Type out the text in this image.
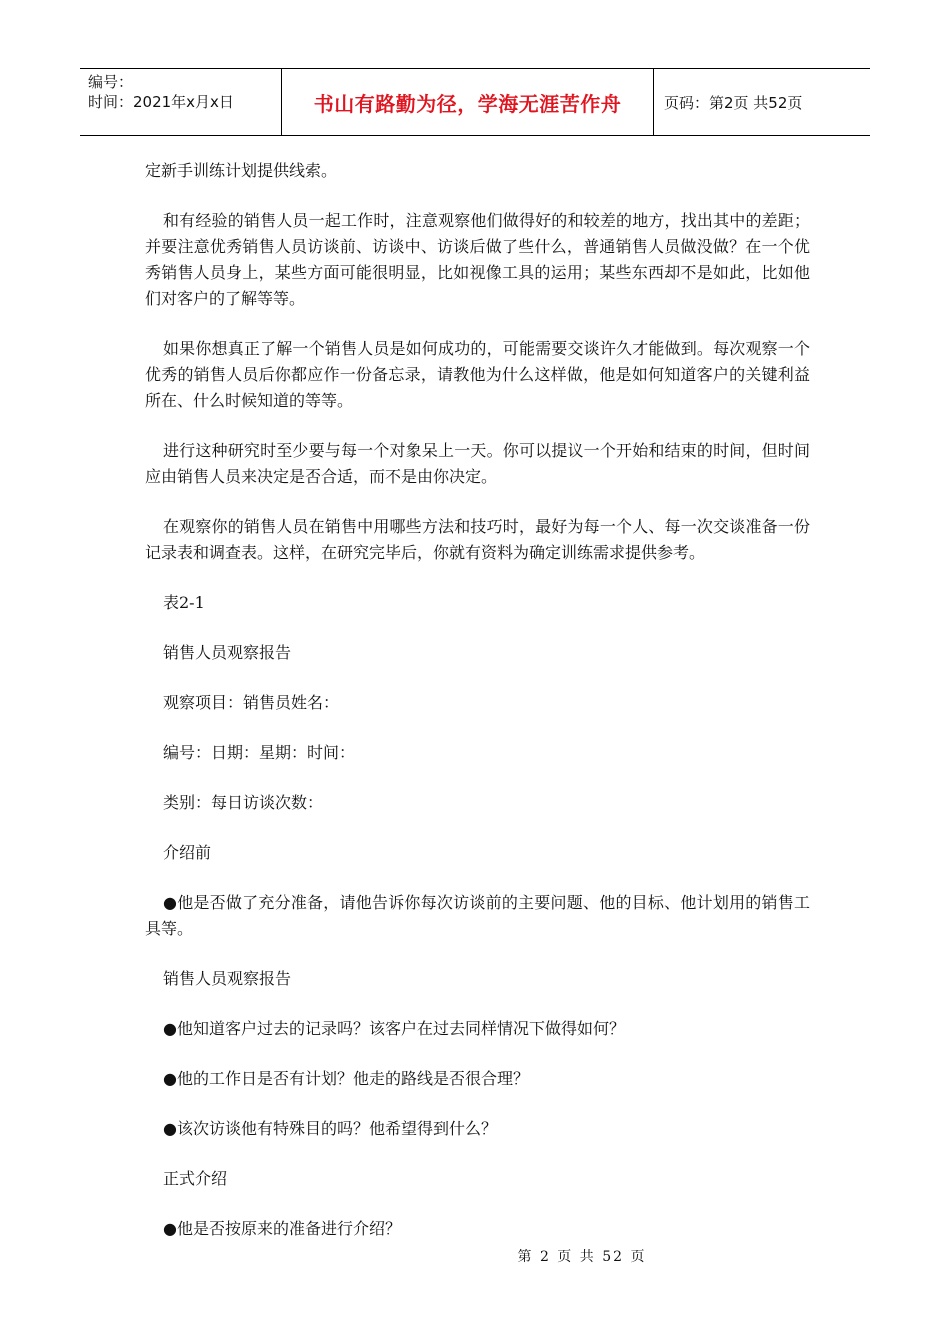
编号：
时间：2021年x月x日	书山有路勤为径，学海无涯苦作舟	页码：第2页 共52页

定新手训练计划提供线索。

和有经验的销售人员一起工作时，注意观察他们做得好的和较差的地方，找出其中的差距；并要注意优秀销售人员访谈前、访谈中、访谈后做了些什么，普通销售人员做没做？在一个优秀销售人员身上，某些方面可能很明显，比如视像工具的运用；某些东西却不是如此，比如他们对客户的了解等等。

如果你想真正了解一个销售人员是如何成功的，可能需要交谈许久才能做到。每次观察一个优秀的销售人员后你都应作一份备忘录，请教他为什么这样做，他是如何知道客户的关键利益所在、什么时候知道的等等。

进行这种研究时至少要与每一个对象呆上一天。你可以提议一个开始和结束的时间，但时间应由销售人员来决定是否合适，而不是由你决定。

在观察你的销售人员在销售中用哪些方法和技巧时，最好为每一个人、每一次交谈准备一份记录表和调查表。这样，在研究完毕后，你就有资料为确定训练需求提供参考。

表2-1

销售人员观察报告

观察项目：销售员姓名：

编号：日期：星期：时间：

类别：每日访谈次数：

介绍前

●他是否做了充分准备，请他告诉你每次访谈前的主要问题、他的目标、他计划用的销售工具等。

销售人员观察报告

●他知道客户过去的记录吗？该客户在过去同样情况下做得如何？

●他的工作日是否有计划？他走的路线是否很合理？

●该次访谈他有特殊目的吗？他希望得到什么？

正式介绍

●他是否按原来的准备进行介绍？

第 2 页 共 52 页
